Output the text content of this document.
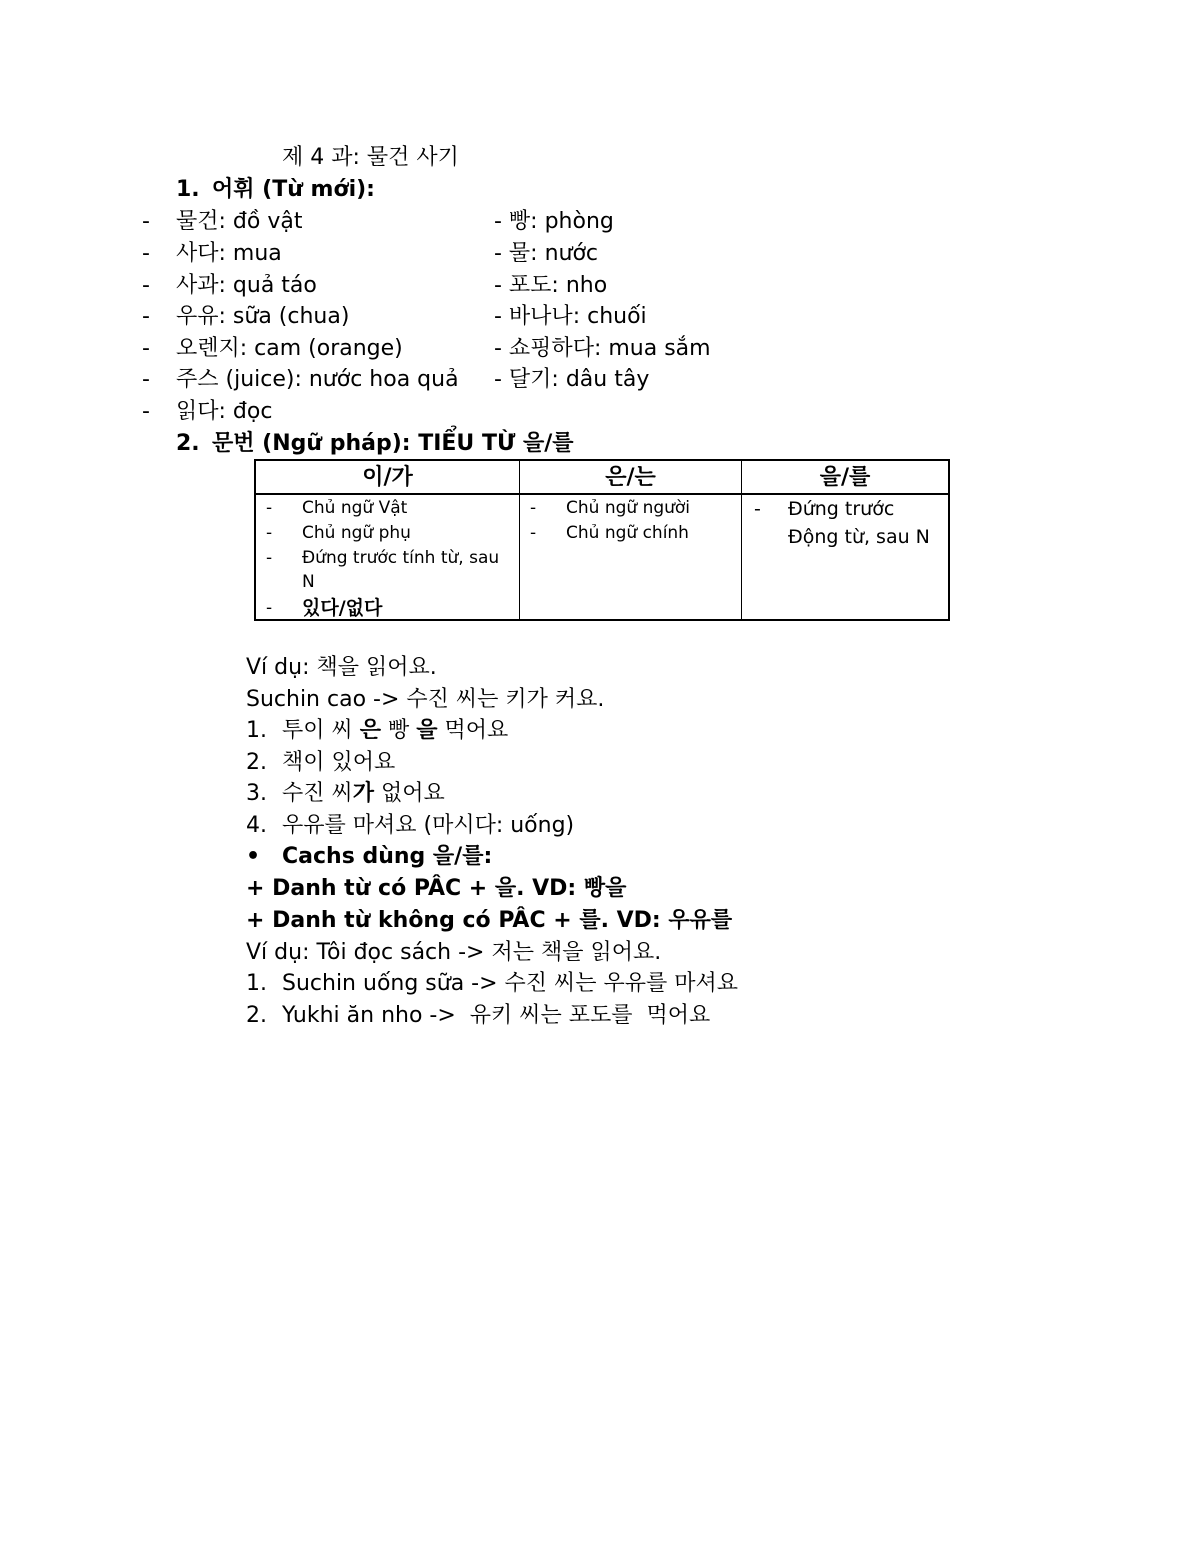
제 4 과: 물건 사기
1. 어휘 (Từ mới):
- 물건: đồ vật
- 사다: mua
- 사과: quả táo
- 우유: sữa (chua)
- 오렌지: cam (orange)
- 주스 (juice): nước hoa quả
- 읽다: đọc
- 빵: phòng
- 물: nước
- 포도: nho
- 바나나: chuối
- 쇼핑하다: mua sắm
- 달기: dâu tây
2. 문번 (Ngữ pháp): TIỂU TỪ 을/를
이/가
- Chủ ngữ Vật
- Chủ ngữ phụ
- Đứng trước tính từ, sau
N
- 있다/없다
은/는
- Chủ ngữ người
- Chủ ngữ chính
을/를
- Đứng trước
Động từ, sau N
Ví dụ: 책을 읽어요.
Suchin cao -> 수진 씨는 키가 커요.
1. 투이 씨 은 빵 을 먹어요
2. 책이 있어요
3. 수진 씨가 없어요
4. 우유를 마셔요 (마시다: uống)
• Cachs dùng 을/를:
+ Danh từ có PÂC + 을. VD: 빵을
+ Danh từ không có PÂC + 를. VD: 우유를
Ví dụ: Tôi đọc sách -> 저는 책을 읽어요.
1. Suchin uống sữa -> 수진 씨는 우유를 마셔요
2. Yukhi ăn nho ->  유키 씨는 포도를  먹어요
